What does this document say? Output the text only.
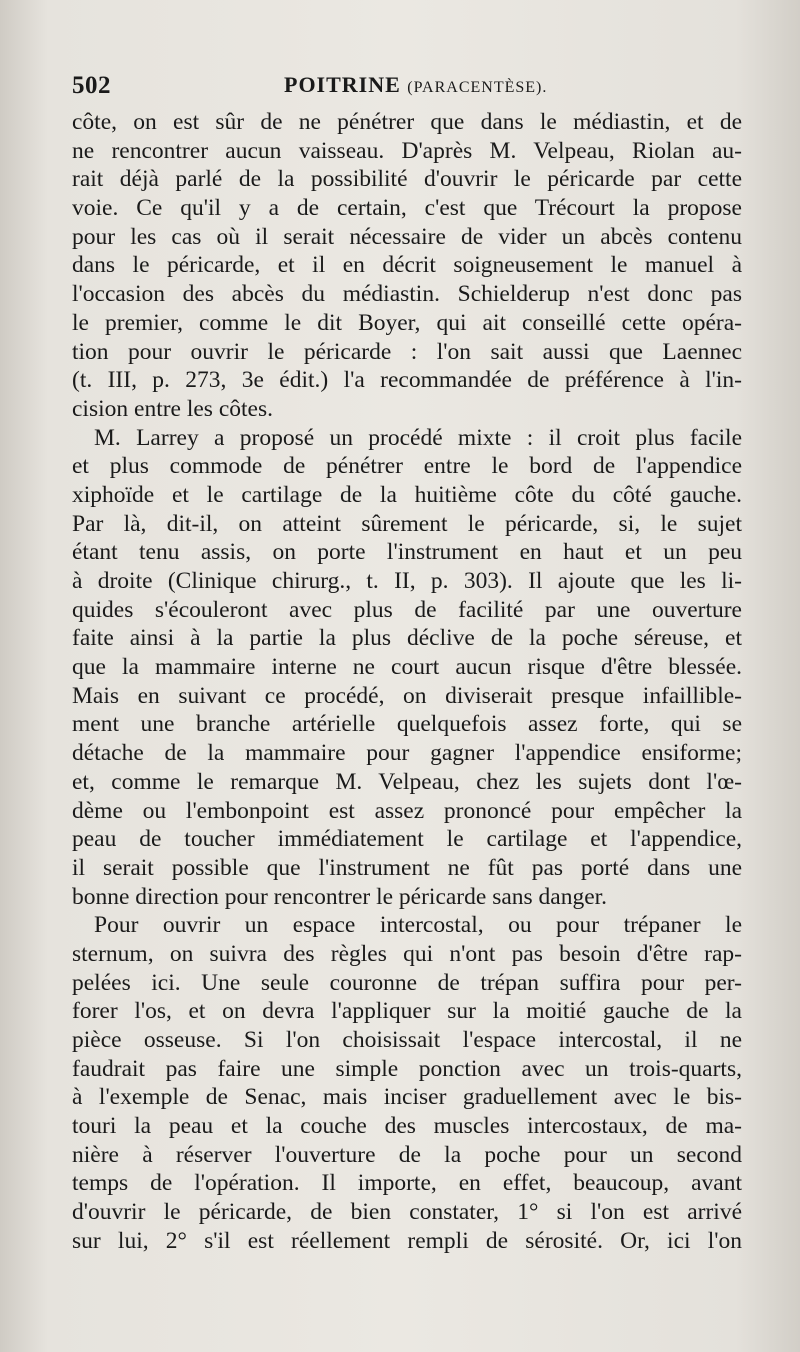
502	POITRINE (PARACENTÈSE).
côte, on est sûr de ne pénétrer que dans le médiastin, et de
ne rencontrer aucun vaisseau. D'après M. Velpeau, Riolan au-
rait déjà parlé de la possibilité d'ouvrir le péricarde par cette
voie. Ce qu'il y a de certain, c'est que Trécourt la propose
pour les cas où il serait nécessaire de vider un abcès contenu
dans le péricarde, et il en décrit soigneusement le manuel à
l'occasion des abcès du médiastin. Schielderup n'est donc pas
le premier, comme le dit Boyer, qui ait conseillé cette opéra-
tion pour ouvrir le péricarde : l'on sait aussi que Laennec
(t. III, p. 273, 3e édit.) l'a recommandée de préférence à l'in-
cision entre les côtes.
M. Larrey a proposé un procédé mixte : il croit plus facile
et plus commode de pénétrer entre le bord de l'appendice
xiphoïde et le cartilage de la huitième côte du côté gauche.
Par là, dit-il, on atteint sûrement le péricarde, si, le sujet
étant tenu assis, on porte l'instrument en haut et un peu
à droite (Clinique chirurg., t. II, p. 303). Il ajoute que les li-
quides s'écouleront avec plus de facilité par une ouverture
faite ainsi à la partie la plus déclive de la poche séreuse, et
que la mammaire interne ne court aucun risque d'être blessée.
Mais en suivant ce procédé, on diviserait presque infaillible-
ment une branche artérielle quelquefois assez forte, qui se
détache de la mammaire pour gagner l'appendice ensiforme;
et, comme le remarque M. Velpeau, chez les sujets dont l'œ-
dème ou l'embonpoint est assez prononcé pour empêcher la
peau de toucher immédiatement le cartilage et l'appendice,
il serait possible que l'instrument ne fût pas porté dans une
bonne direction pour rencontrer le péricarde sans danger.
Pour ouvrir un espace intercostal, ou pour trépaner le
sternum, on suivra des règles qui n'ont pas besoin d'être rap-
pelées ici. Une seule couronne de trépan suffira pour per-
forer l'os, et on devra l'appliquer sur la moitié gauche de la
pièce osseuse. Si l'on choisissait l'espace intercostal, il ne
faudrait pas faire une simple ponction avec un trois-quarts,
à l'exemple de Senac, mais inciser graduellement avec le bis-
touri la peau et la couche des muscles intercostaux, de ma-
nière à réserver l'ouverture de la poche pour un second
temps de l'opération. Il importe, en effet, beaucoup, avant
d'ouvrir le péricarde, de bien constater, 1° si l'on est arrivé
sur lui, 2° s'il est réellement rempli de sérosité. Or, ici l'on
